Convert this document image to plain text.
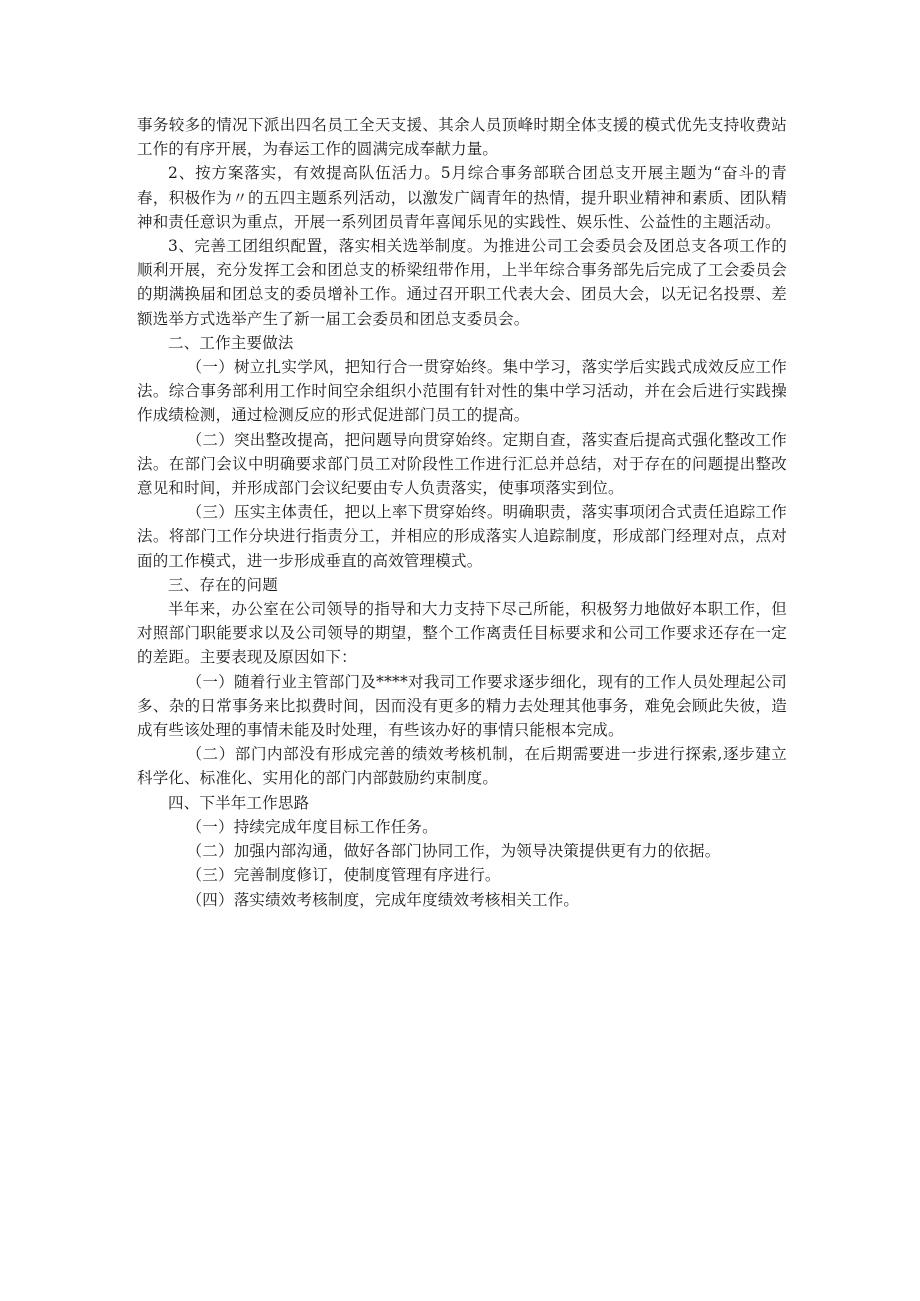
事务较多的情况下派出四名员工全天支援、其余人员顶峰时期全体支援的模式优先支持收费站工作的有序开展，为春运工作的圆满完成奉献力量。

2、按方案落实，有效提高队伍活力。5月综合事务部联合团总支开展主题为“奋斗的青春，积极作为〃的五四主题系列活动，以激发广阔青年的热情，提升职业精神和素质、团队精神和责任意识为重点，开展一系列团员青年喜闻乐见的实践性、娱乐性、公益性的主题活动。

3、完善工团组织配置，落实相关选举制度。为推进公司工会委员会及团总支各项工作的顺利开展，充分发挥工会和团总支的桥梁纽带作用，上半年综合事务部先后完成了工会委员会的期满换届和团总支的委员增补工作。通过召开职工代表大会、团员大会，以无记名投票、差额选举方式选举产生了新一届工会委员和团总支委员会。

二、工作主要做法

（一）树立扎实学风，把知行合一贯穿始终。集中学习，落实学后实践式成效反应工作法。综合事务部利用工作时间空余组织小范围有针对性的集中学习活动，并在会后进行实践操作成绩检测，通过检测反应的形式促进部门员工的提高。

（二）突出整改提高，把问题导向贯穿始终。定期自查，落实查后提高式强化整改工作法。在部门会议中明确要求部门员工对阶段性工作进行汇总并总结，对于存在的问题提出整改意见和时间，并形成部门会议纪要由专人负责落实，使事项落实到位。

（三）压实主体责任，把以上率下贯穿始终。明确职责，落实事项闭合式责任追踪工作法。将部门工作分块进行指责分工，并相应的形成落实人追踪制度，形成部门经理对点，点对面的工作模式，进一步形成垂直的高效管理模式。

三、存在的问题

半年来，办公室在公司领导的指导和大力支持下尽己所能，积极努力地做好本职工作，但对照部门职能要求以及公司领导的期望，整个工作离责任目标要求和公司工作要求还存在一定的差距。主要表现及原因如下：

（一）随着行业主管部门及****对我司工作要求逐步细化，现有的工作人员处理起公司多、杂的日常事务来比拟费时间，因而没有更多的精力去处理其他事务，难免会顾此失彼，造成有些该处理的事情未能及时处理，有些该办好的事情只能根本完成。

（二）部门内部没有形成完善的绩效考核机制，在后期需要进一步进行探索,逐步建立科学化、标准化、实用化的部门内部鼓励约束制度。

四、下半年工作思路

（一）持续完成年度目标工作任务。

（二）加强内部沟通，做好各部门协同工作，为领导决策提供更有力的依据。

（三）完善制度修订，使制度管理有序进行。

（四）落实绩效考核制度，完成年度绩效考核相关工作。
